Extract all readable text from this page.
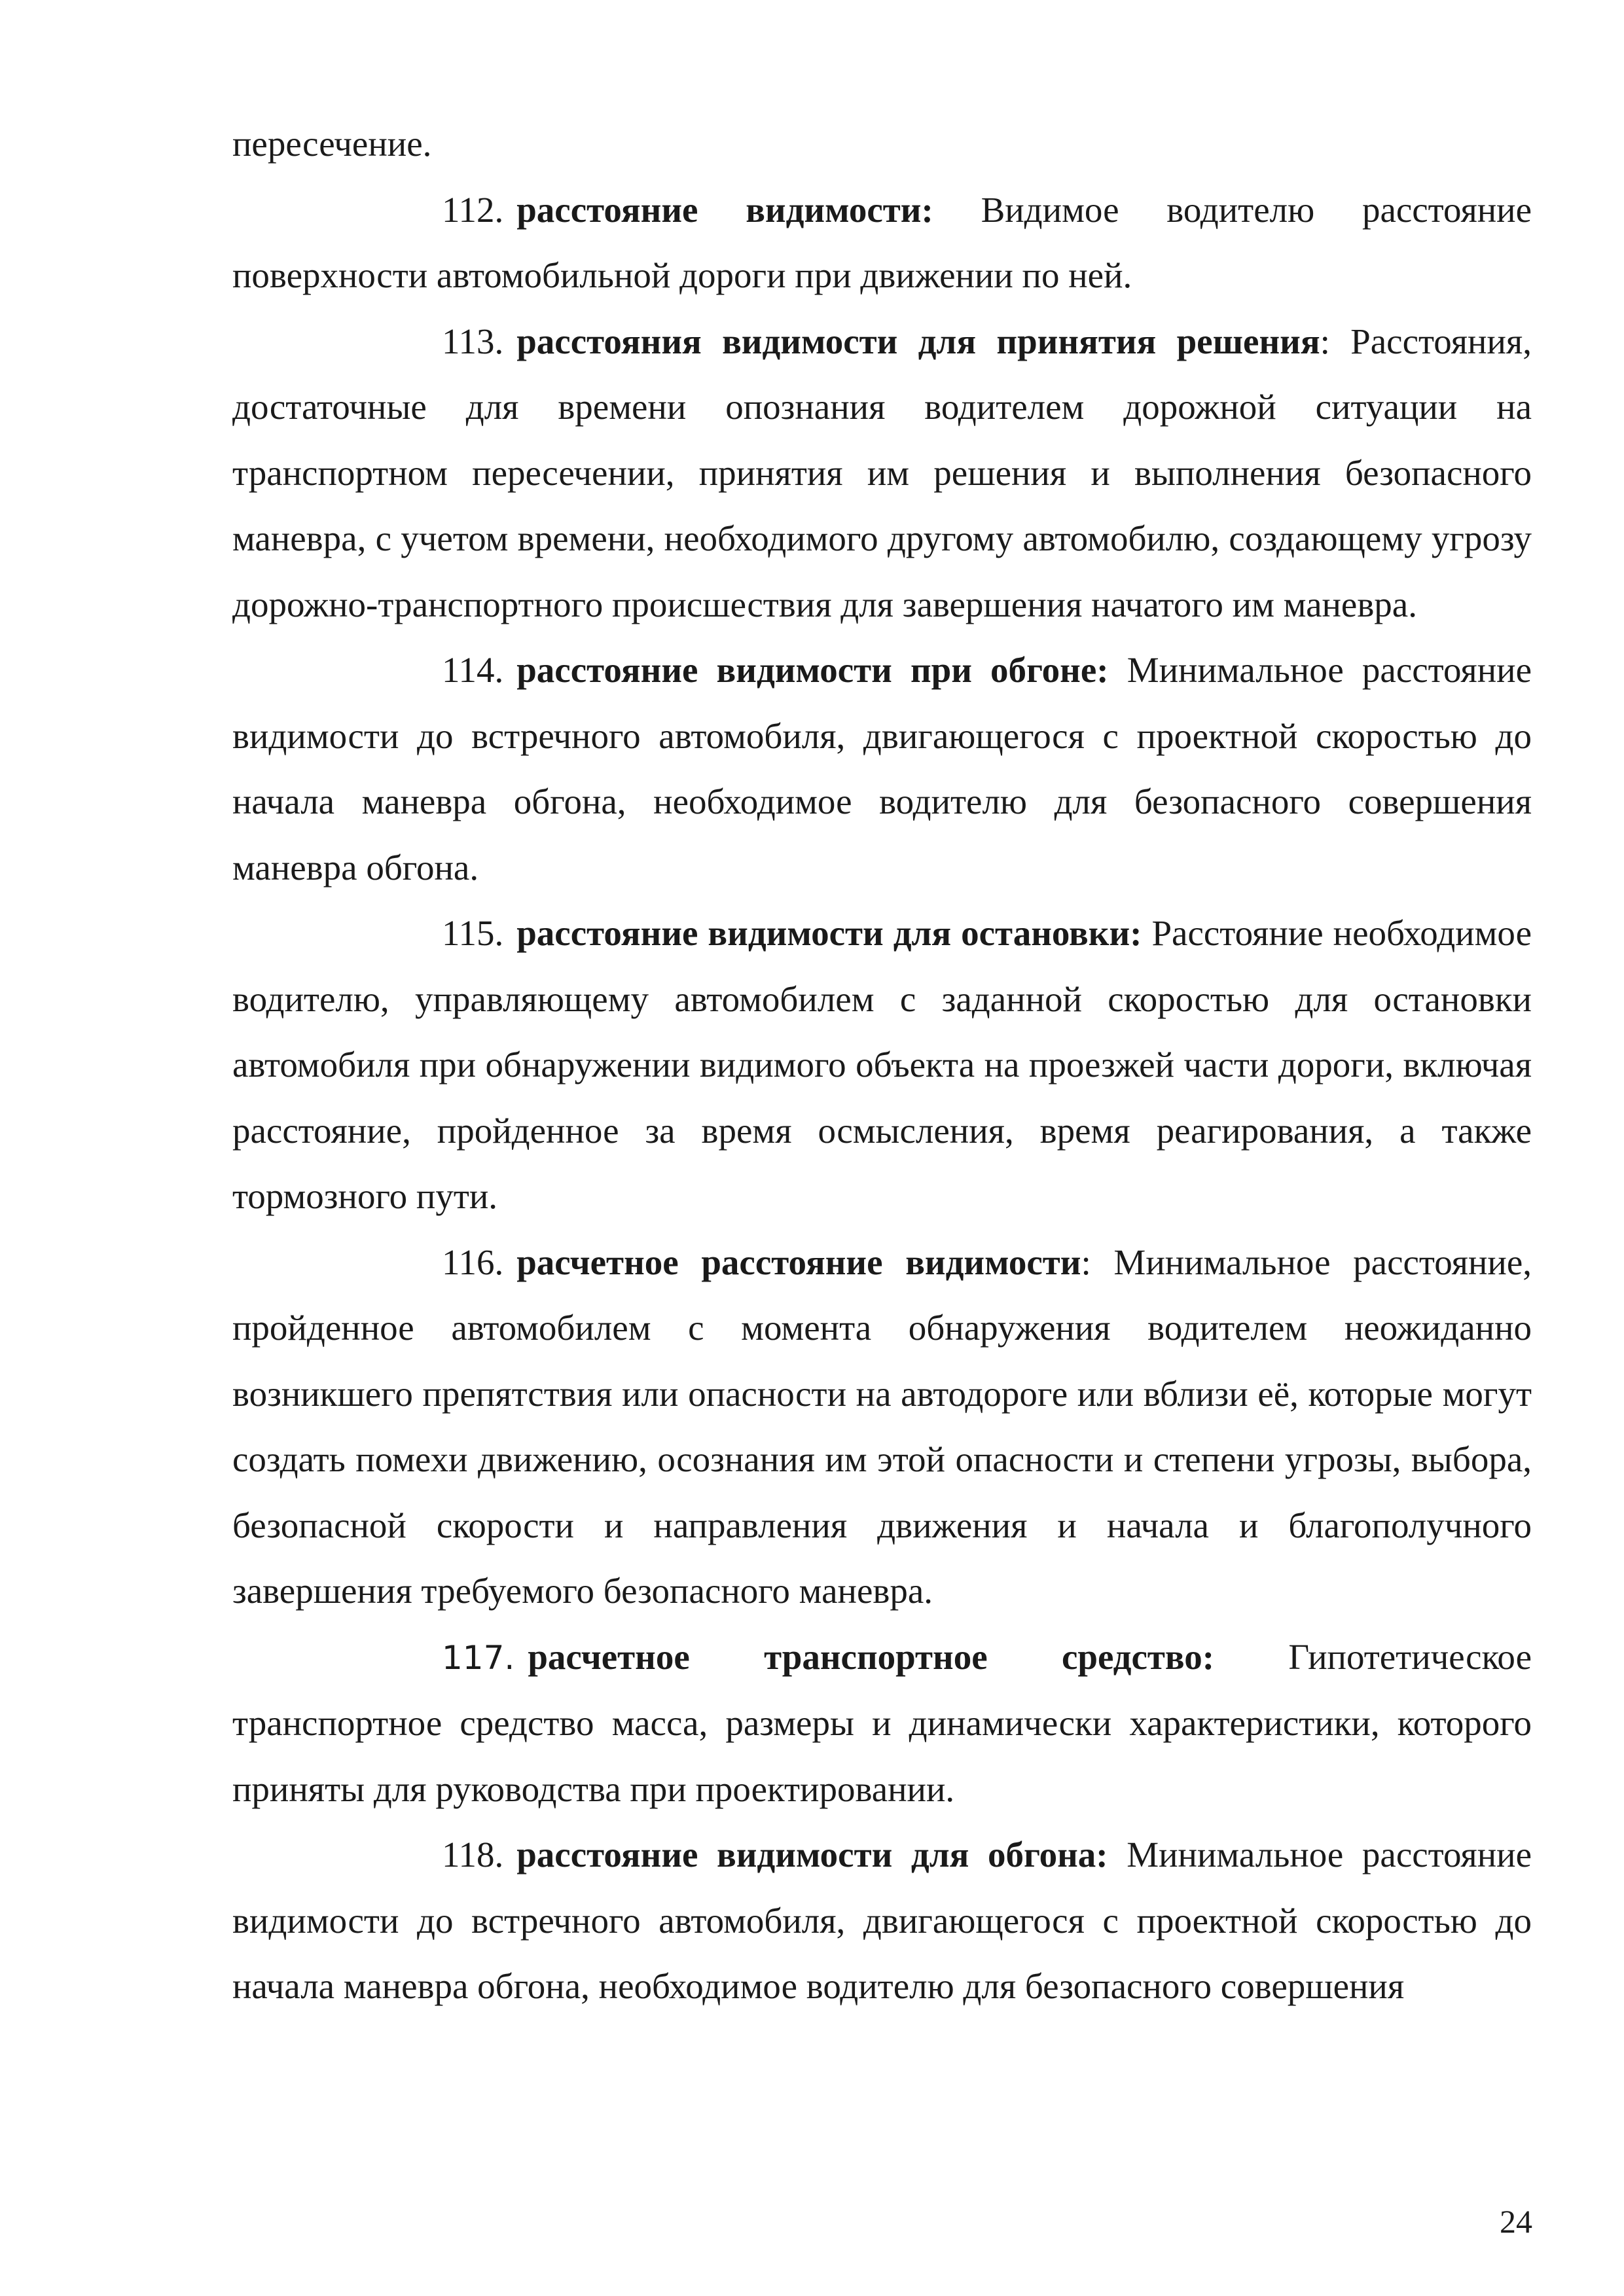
пересечение.

112. расстояние видимости: Видимое водителю расстояние поверхности автомобильной дороги при движении по ней.

113. расстояния видимости для принятия решения: Расстояния, достаточные для времени опознания водителем дорожной ситуации на транспортном пересечении, принятия им решения и выполнения безопасного маневра, с учетом времени, необходимого другому автомобилю, создающему угрозу дорожно-транспортного происшествия для завершения начатого им маневра.

114. расстояние видимости при обгоне: Минимальное расстояние видимости до встречного автомобиля, двигающегося с проектной скоростью до начала маневра обгона, необходимое водителю для безопасного совершения маневра обгона.

115. расстояние видимости для остановки: Расстояние необходимое водителю, управляющему автомобилем с заданной скоростью для остановки автомобиля при обнаружении видимого объекта на проезжей части дороги, включая расстояние, пройденное за время осмысления, время реагирования, а также тормозного пути.

116. расчетное расстояние видимости: Минимальное расстояние, пройденное автомобилем с момента обнаружения водителем неожиданно возникшего препятствия или опасности на автодороге или вблизи её, которые могут создать помехи движению, осознания им этой опасности и степени угрозы, выбора, безопасной скорости и направления движения и начала и благополучного завершения требуемого безопасного маневра.

117. расчетное транспортное средство: Гипотетическое транспортное средство масса, размеры и динамически характеристики, которого приняты для руководства при проектировании.

118. расстояние видимости для обгона: Минимальное расстояние видимости до встречного автомобиля, двигающегося с проектной скоростью до начала маневра обгона, необходимое водителю для безопасного совершения

24
